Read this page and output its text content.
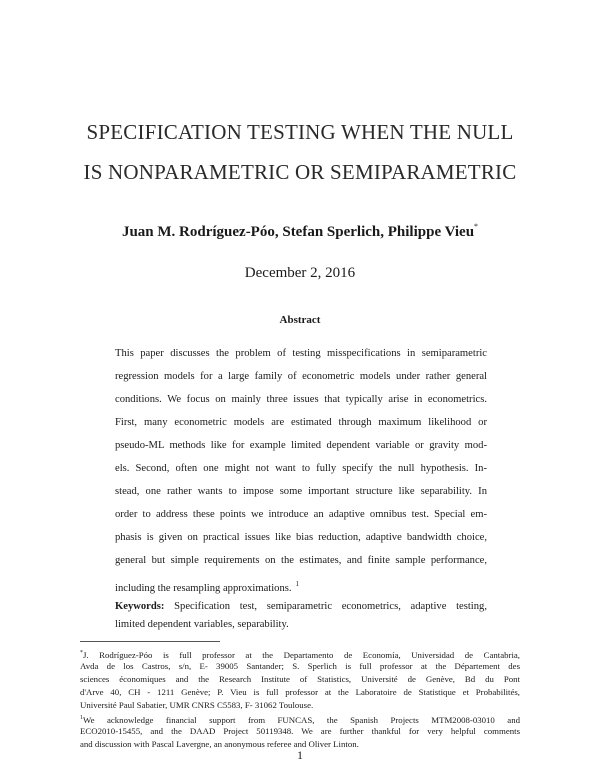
SPECIFICATION TESTING WHEN THE NULL
IS NONPARAMETRIC OR SEMIPARAMETRIC
Juan M. Rodríguez-Póo, Stefan Sperlich, Philippe Vieu*
December 2, 2016
Abstract
This paper discusses the problem of testing misspecifications in semiparametric
regression models for a large family of econometric models under rather general
conditions. We focus on mainly three issues that typically arise in econometrics.
First, many econometric models are estimated through maximum likelihood or
pseudo-ML methods like for example limited dependent variable or gravity mod-
els. Second, often one might not want to fully specify the null hypothesis. In-
stead, one rather wants to impose some important structure like separability. In
order to address these points we introduce an adaptive omnibus test. Special em-
phasis is given on practical issues like bias reduction, adaptive bandwidth choice,
general but simple requirements on the estimates, and finite sample performance,
including the resampling approximations. $^1$
Keywords: Specification test, semiparametric econometrics, adaptive testing,
limited dependent variables, separability.
*J. Rodríguez-Póo is full professor at the Departamento de Economía, Universidad de Cantabria,
Avda de los Castros, s/n, E- 39005 Santander; S. Sperlich is full professor at the Département des
sciences économiques and the Research Institute of Statistics, Université de Genève, Bd du Pont
d'Arve 40, CH - 1211 Genève; P. Vieu is full professor at the Laboratoire de Statistique et Probabilités,
Université Paul Sabatier, UMR CNRS C5583, F- 31062 Toulouse.
$^1$We acknowledge financial support from FUNCAS, the Spanish Projects MTM2008-03010 and
ECO2010-15455, and the DAAD Project 50119348. We are further thankful for very helpful comments
and discussion with Pascal Lavergne, an anonymous referee and Oliver Linton.
1
